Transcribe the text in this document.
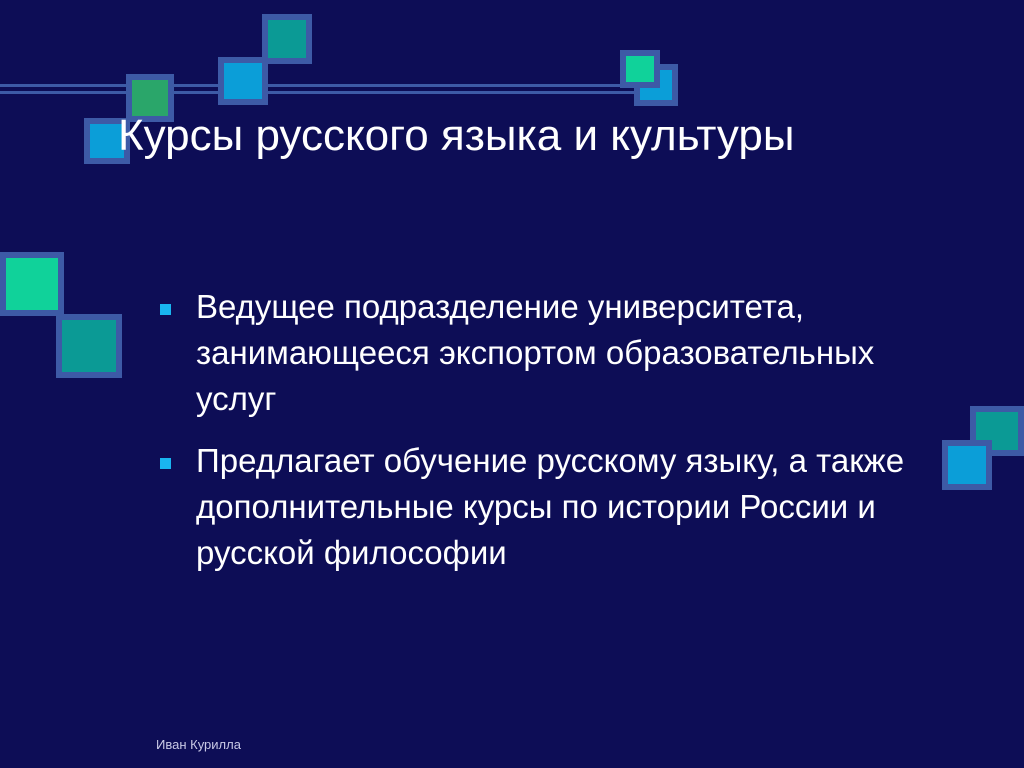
Курсы русского языка и культуры
Ведущее подразделение университета, занимающееся экспортом образовательных услуг
Предлагает обучение русскому языку, а также дополнительные курсы по истории России и русской философии
Иван Курилла
